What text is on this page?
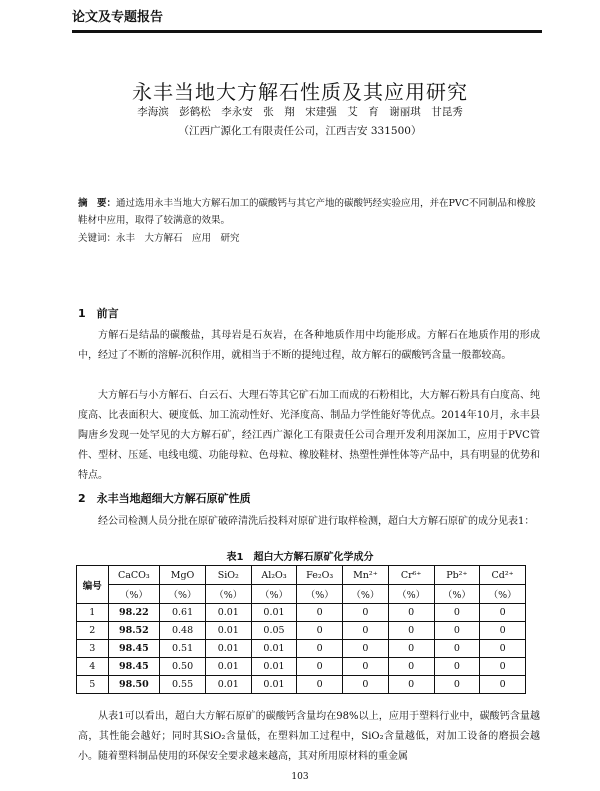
论文及专题报告
永丰当地大方解石性质及其应用研究
李海滨　彭鹤松　李永安　张　翔　宋建强　艾　育　谢丽琪　甘昆秀
（江西广源化工有限责任公司，江西吉安 331500）
摘　要：通过选用永丰当地大方解石加工的碳酸钙与其它产地的碳酸钙经实验应用，并在PVC不同制品和橡胶鞋材中应用，取得了较满意的效果。
关键词：永丰　大方解石　应用　研究
1　前言
方解石是结晶的碳酸盐，其母岩是石灰岩，在各种地质作用中均能形成。方解石在地质作用的形成中，经过了不断的溶解-沉积作用，就相当于不断的提纯过程，故方解石的碳酸钙含量一般都较高。
大方解石与小方解石、白云石、大理石等其它矿石加工而成的石粉相比，大方解石粉具有白度高、纯度高、比表面积大、硬度低、加工流动性好、光泽度高、制品力学性能好等优点。2014年10月，永丰县陶唐乡发现一处罕见的大方解石矿，经江西广源化工有限责任公司合理开发利用深加工，应用于PVC管件、型材、压延、电线电缆、功能母粒、色母粒、橡胶鞋材、热塑性弹性体等产品中，具有明显的优势和特点。
2　永丰当地超细大方解石原矿性质
经公司检测人员分批在原矿破碎清洗后投料对原矿进行取样检测，超白大方解石原矿的成分见表1：
表1　超白大方解石原矿化学成分
编号	CaCO₃	MgO	SiO₂	Al₂O₃	Fe₂O₃	Mn²⁺	Cr⁶⁺	Pb²⁺	Cd²⁺
	（%）	（%）	（%）	（%）	（%）	（%）	（%）	（%）	（%）
1	98.22	0.61	0.01	0.01	0	0	0	0	0
2	98.52	0.48	0.01	0.05	0	0	0	0	0
3	98.45	0.51	0.01	0.01	0	0	0	0	0
4	98.45	0.50	0.01	0.01	0	0	0	0	0
5	98.50	0.55	0.01	0.01	0	0	0	0	0
从表1可以看出，超白大方解石原矿的碳酸钙含量均在98%以上，应用于塑料行业中，碳酸钙含量越高，其性能会越好；同时其SiO₂含量低，在塑料加工过程中，SiO₂含量越低，对加工设备的磨损会越小。随着塑料制品使用的环保安全要求越来越高，其对所用原材料的重金属
103
